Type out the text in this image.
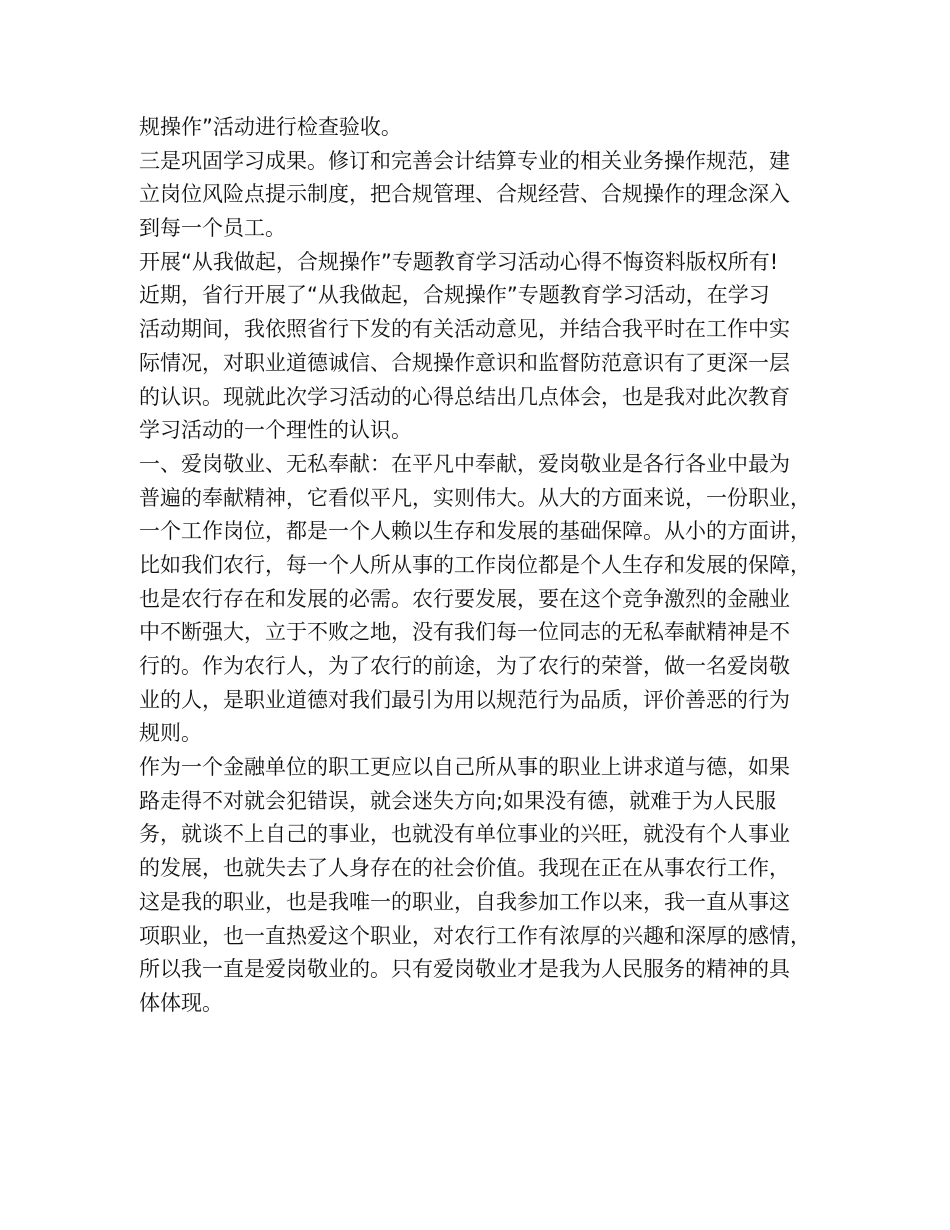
规操作”活动进行检查验收。
三是巩固学习成果。修订和完善会计结算专业的相关业务操作规范，建
立岗位风险点提示制度，把合规管理、合规经营、合规操作的理念深入
到每一个员工。
开展“从我做起，合规操作”专题教育学习活动心得不悔资料版权所有!
近期，省行开展了“从我做起，合规操作”专题教育学习活动，在学习
活动期间，我依照省行下发的有关活动意见，并结合我平时在工作中实
际情况，对职业道德诚信、合规操作意识和监督防范意识有了更深一层
的认识。现就此次学习活动的心得总结出几点体会，也是我对此次教育
学习活动的一个理性的认识。
一、爱岗敬业、无私奉献：在平凡中奉献，爱岗敬业是各行各业中最为
普遍的奉献精神，它看似平凡，实则伟大。从大的方面来说，一份职业，
一个工作岗位，都是一个人赖以生存和发展的基础保障。从小的方面讲，
比如我们农行，每一个人所从事的工作岗位都是个人生存和发展的保障，
也是农行存在和发展的必需。农行要发展，要在这个竞争激烈的金融业
中不断强大，立于不败之地，没有我们每一位同志的无私奉献精神是不
行的。作为农行人，为了农行的前途，为了农行的荣誉，做一名爱岗敬
业的人，是职业道德对我们最引为用以规范行为品质，评价善恶的行为
规则。
作为一个金融单位的职工更应以自己所从事的职业上讲求道与德，如果
路走得不对就会犯错误，就会迷失方向;如果没有德，就难于为人民服
务，就谈不上自己的事业，也就没有单位事业的兴旺，就没有个人事业
的发展，也就失去了人身存在的社会价值。我现在正在从事农行工作，
这是我的职业，也是我唯一的职业，自我参加工作以来，我一直从事这
项职业，也一直热爱这个职业，对农行工作有浓厚的兴趣和深厚的感情，
所以我一直是爱岗敬业的。只有爱岗敬业才是我为人民服务的精神的具
体体现。
